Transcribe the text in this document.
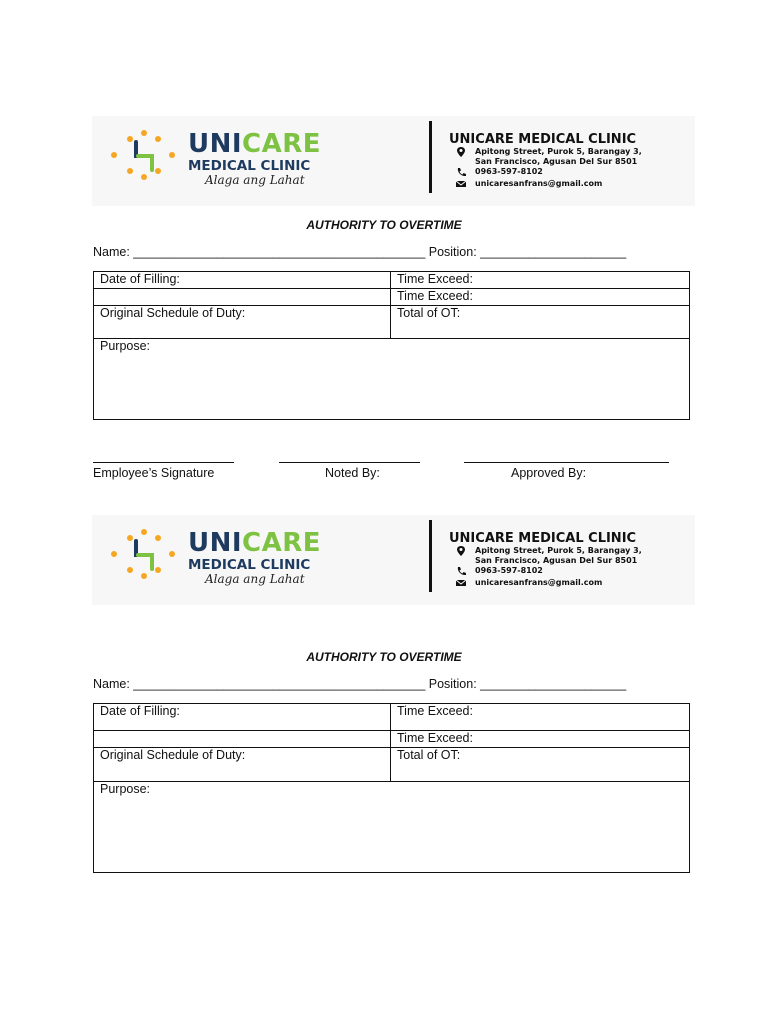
UNICARE
MEDICAL CLINIC
Alaga ang Lahat
UNICARE MEDICAL CLINIC
Apitong Street, Purok 5, Barangay 3,
San Francisco, Agusan Del Sur 8501
0963-597-8102
unicaresanfrans@gmail.com
AUTHORITY TO OVERTIME
Name: __________________________________________ Position: _____________________
Date of Filling:	Time Exceed:
	Time Exceed:
Original Schedule of Duty:	Total of OT:
Purpose:	
Employee’s Signature	Noted By:	Approved By:
UNICARE
MEDICAL CLINIC
Alaga ang Lahat
UNICARE MEDICAL CLINIC
Apitong Street, Purok 5, Barangay 3,
San Francisco, Agusan Del Sur 8501
0963-597-8102
unicaresanfrans@gmail.com
AUTHORITY TO OVERTIME
Name: __________________________________________ Position: _____________________
Date of Filling:	Time Exceed:
	Time Exceed:
Original Schedule of Duty:	Total of OT:
Purpose:	
